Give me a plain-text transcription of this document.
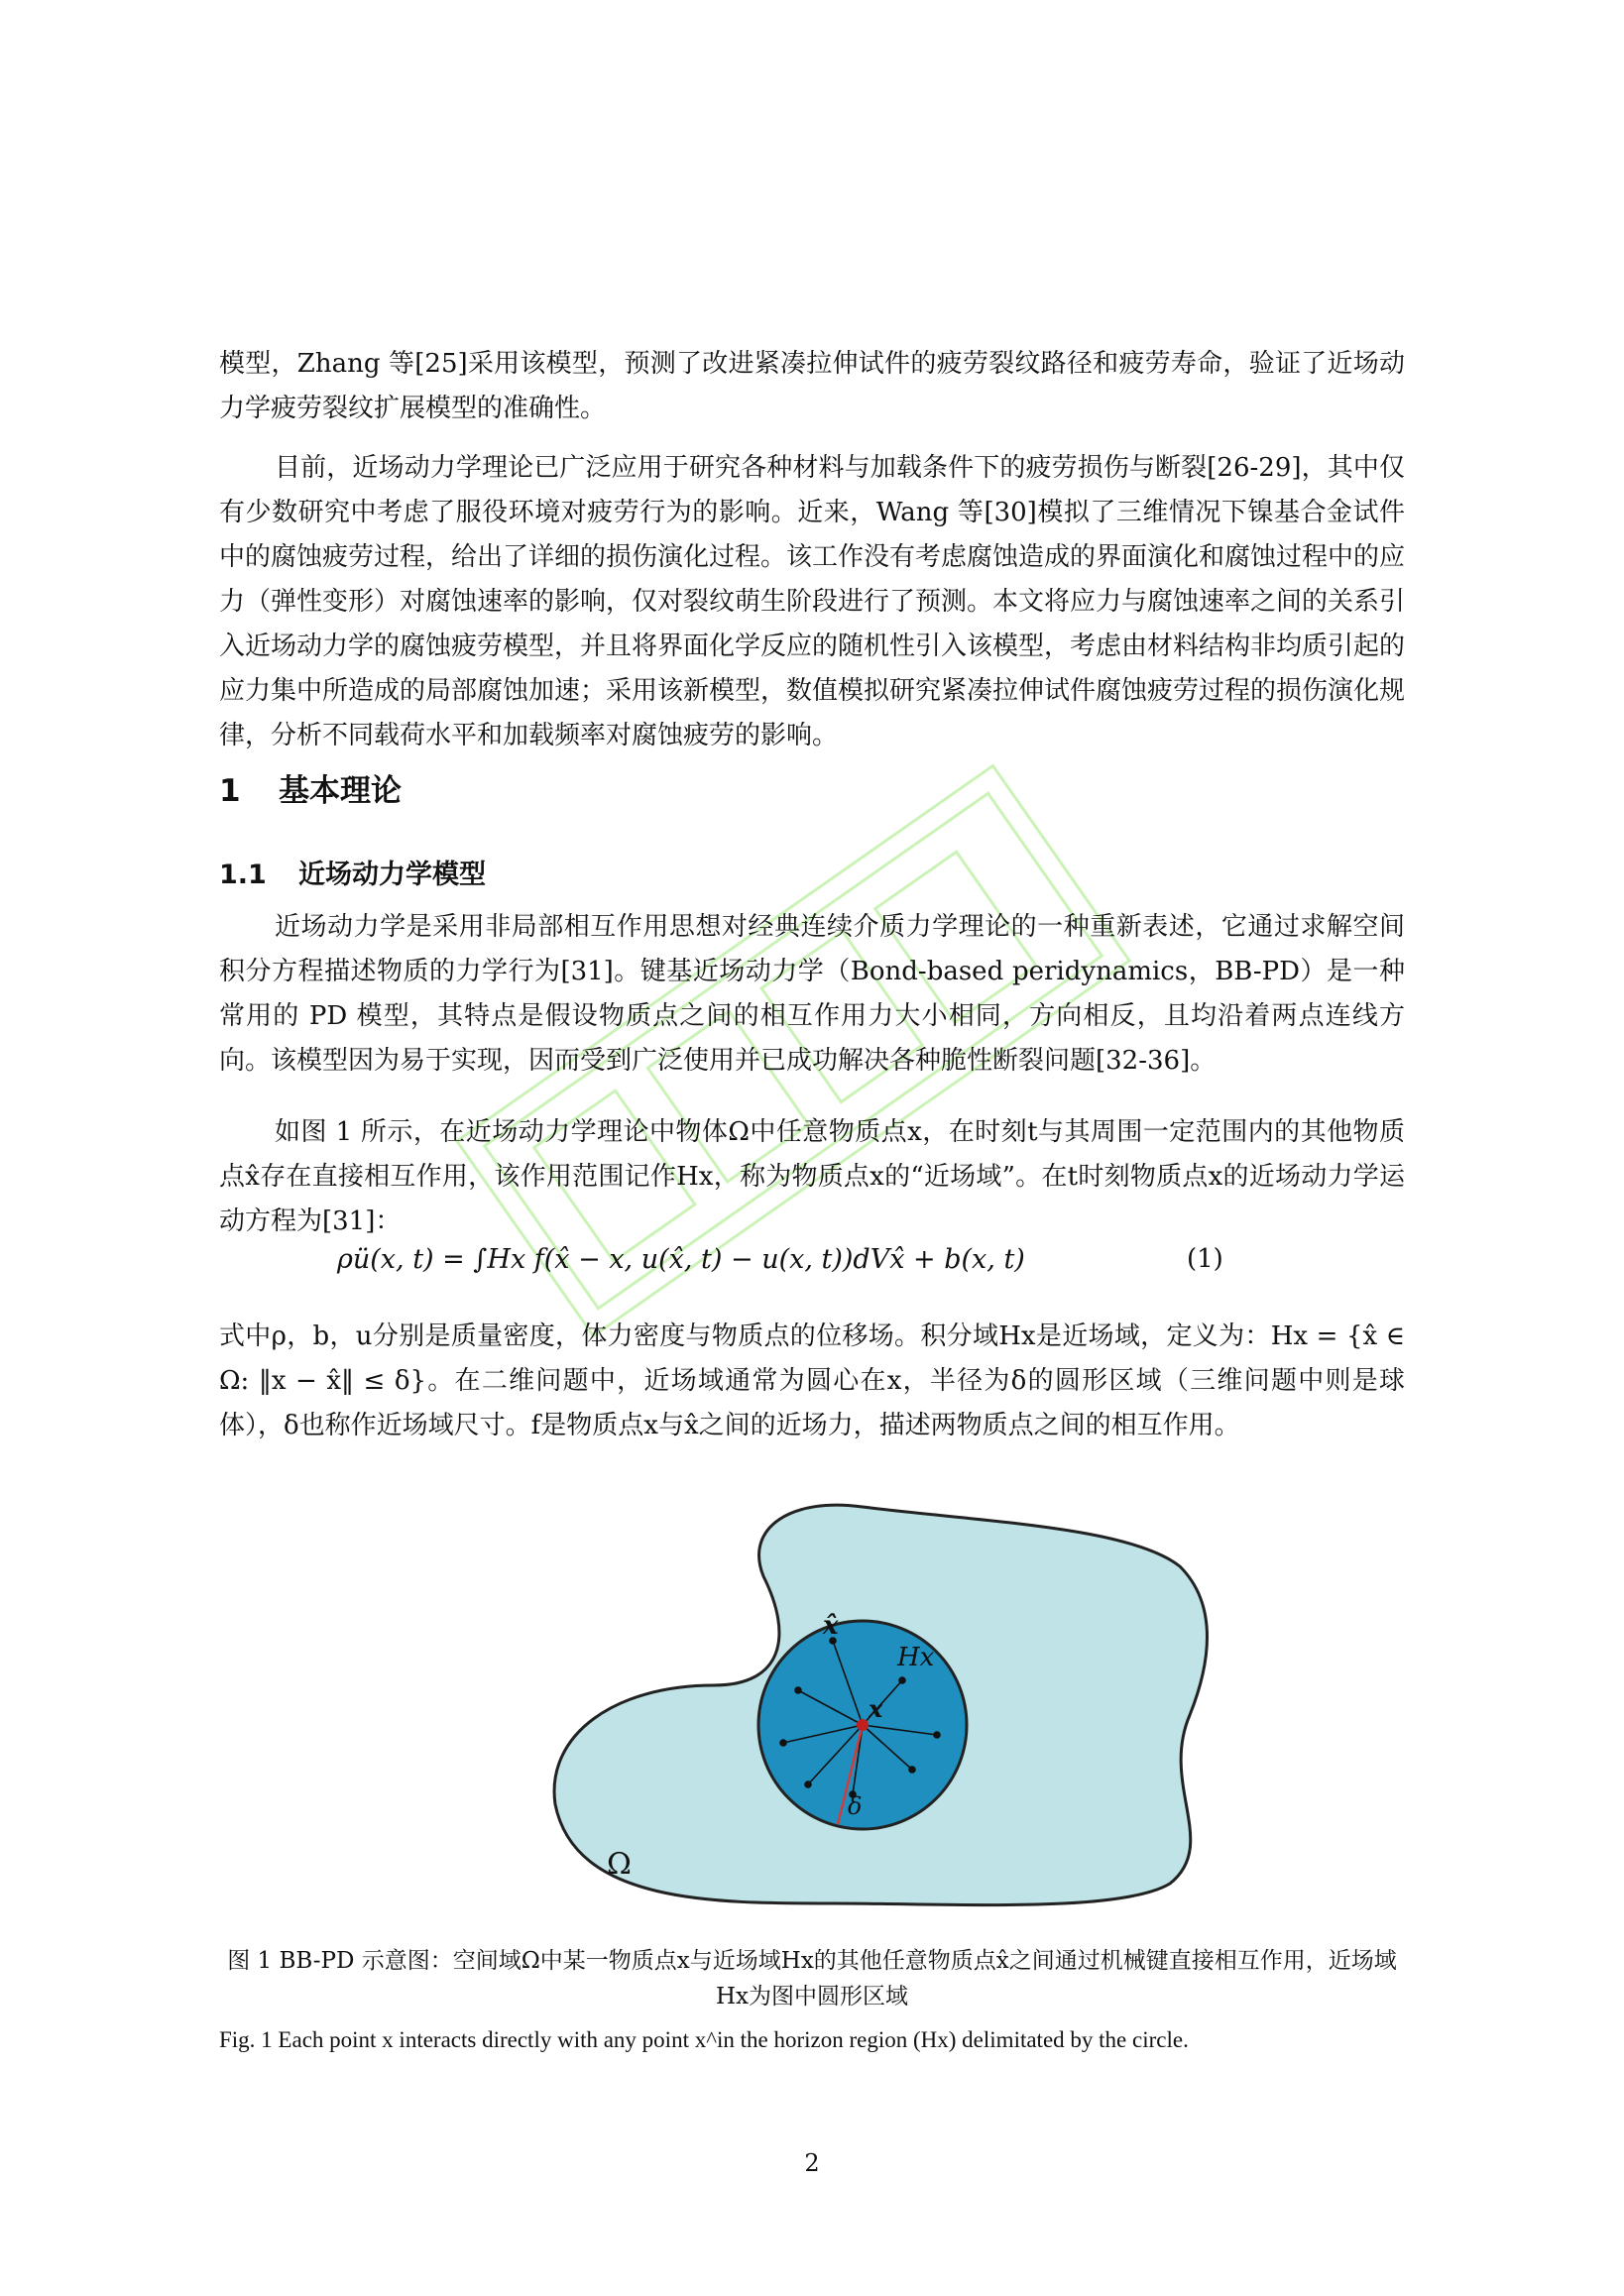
模型，Zhang 等[25]采用该模型，预测了改进紧凑拉伸试件的疲劳裂纹路径和疲劳寿命，验证了近场动力学疲劳裂纹扩展模型的准确性。

目前，近场动力学理论已广泛应用于研究各种材料与加载条件下的疲劳损伤与断裂[26-29]，其中仅有少数研究中考虑了服役环境对疲劳行为的影响。近来，Wang 等[30]模拟了三维情况下镍基合金试件中的腐蚀疲劳过程，给出了详细的损伤演化过程。该工作没有考虑腐蚀造成的界面演化和腐蚀过程中的应力（弹性变形）对腐蚀速率的影响，仅对裂纹萌生阶段进行了预测。本文将应力与腐蚀速率之间的关系引入近场动力学的腐蚀疲劳模型，并且将界面化学反应的随机性引入该模型，考虑由材料结构非均质引起的应力集中所造成的局部腐蚀加速；采用该新模型，数值模拟研究紧凑拉伸试件腐蚀疲劳过程的损伤演化规律，分析不同载荷水平和加载频率对腐蚀疲劳的影响。

1 基本理论
1.1 近场动力学模型

近场动力学是采用非局部相互作用思想对经典连续介质力学理论的一种重新表述，它通过求解空间积分方程描述物质的力学行为[31]。键基近场动力学（Bond-based peridynamics，BB-PD）是一种常用的 PD 模型，其特点是假设物质点之间的相互作用力大小相同，方向相反，且均沿着两点连线方向。该模型因为易于实现，因而受到广泛使用并已成功解决各种脆性断裂问题[32-36]。

如图 1 所示，在近场动力学理论中物体Ω中任意物质点x，在时刻t与其周围一定范围内的其他物质点x̂存在直接相互作用，该作用范围记作Hx，称为物质点x的“近场域”。在t时刻物质点x的近场动力学运动方程为[31]：

ρü(x, t) = ∫Hx f(x̂ − x, u(x̂, t) − u(x, t))dVx̂ + b(x, t)	(1)

式中ρ，b，u分别是质量密度，体力密度与物质点的位移场。积分域Hx是近场域，定义为：Hx = {x̂ ∈ Ω: ‖x − x̂‖ ≤ δ}。在二维问题中，近场域通常为圆心在x，半径为δ的圆形区域（三维问题中则是球体），δ也称作近场域尺寸。f是物质点x与x̂之间的近场力，描述两物质点之间的相互作用。

x̂
Hx
x
δ
Ω
图 1 BB-PD 示意图：空间域Ω中某一物质点x与近场域Hx的其他任意物质点x̂之间通过机械键直接相互作用，近场域Hx为图中圆形区域
Fig. 1 Each point x interacts directly with any point x^in the horizon region (Hx) delimitated by the circle.
2
